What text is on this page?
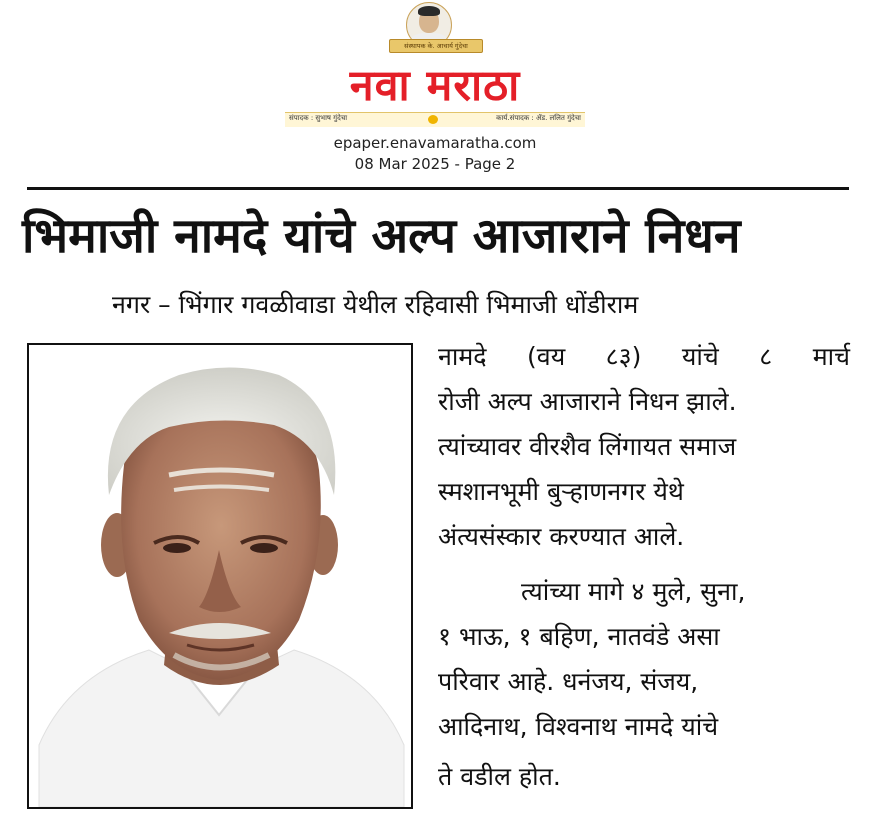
संस्थापक के. आचार्य गुंदेचा
नवा मराठा
संपादक : सुभाष गुंदेचा	कार्य.संपादक : ॲड. ललित गुंदेचा
epaper.enavamaratha.com
08 Mar 2025 - Page 2
भिमाजी नामदे यांचे अल्प आजाराने निधन
नगर – भिंगार गवळीवाडा येथील रहिवासी भिमाजी धोंडीराम
नामदे (वय ८३) यांचे ८ मार्च
रोजी अल्प आजाराने निधन झाले.
त्यांच्यावर वीरशैव लिंगायत समाज
स्मशानभूमी बुऱ्हाणनगर येथे
अंत्यसंस्कार करण्यात आले.
त्यांच्या मागे ४ मुले, सुना,
१ भाऊ, १ बहिण, नातवंडे असा
परिवार आहे. धनंजय, संजय,
आदिनाथ, विश्वनाथ नामदे यांचे
ते वडील होत.
